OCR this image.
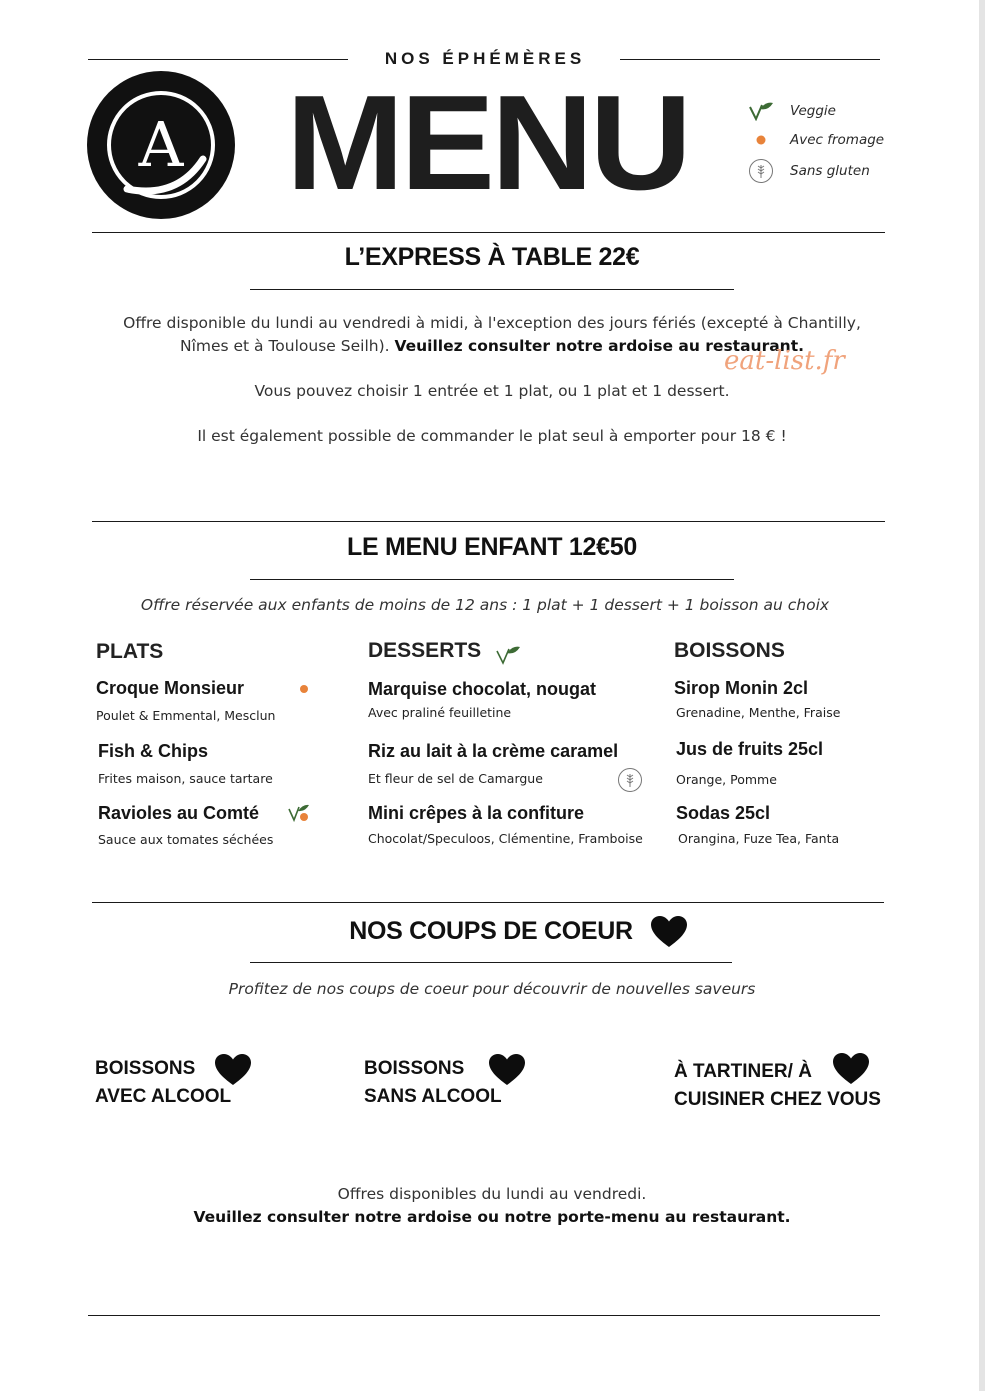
NOS ÉPHÉMÈRES
A MENU	Veggie
Avec fromage
Sans gluten
L’EXPRESS À TABLE 22€
Offre disponible du lundi au vendredi à midi, à l'exception des jours fériés (excepté à Chantilly,
Nîmes et à Toulouse Seilh). Veuillez consulter notre ardoise au restaurant.
eat-list.fr
Vous pouvez choisir 1 entrée et 1 plat, ou 1 plat et 1 dessert.
Il est également possible de commander le plat seul à emporter pour 18 € !
LE MENU ENFANT 12€50
Offre réservée aux enfants de moins de 12 ans : 1 plat + 1 dessert + 1 boisson au choix
PLATS
Croque Monsieur
Poulet & Emmental, Mesclun
Fish & Chips
Frites maison, sauce tartare
Ravioles au Comté
Sauce aux tomates séchées
DESSERTS
Marquise chocolat, nougat
Avec praliné feuilletine
Riz au lait à la crème caramel
Et fleur de sel de Camargue
Mini crêpes à la confiture
Chocolat/Speculoos, Clémentine, Framboise
BOISSONS
Sirop Monin 2cl
Grenadine, Menthe, Fraise
Jus de fruits 25cl
Orange, Pomme
Sodas 25cl
Orangina, Fuze Tea, Fanta
NOS COUPS DE COEUR
Profitez de nos coups de coeur pour découvrir de nouvelles saveurs
BOISSONS
AVEC ALCOOL
BOISSONS
SANS ALCOOL
À TARTINER/ À
CUISINER CHEZ VOUS
Offres disponibles du lundi au vendredi.
Veuillez consulter notre ardoise ou notre porte-menu au restaurant.
